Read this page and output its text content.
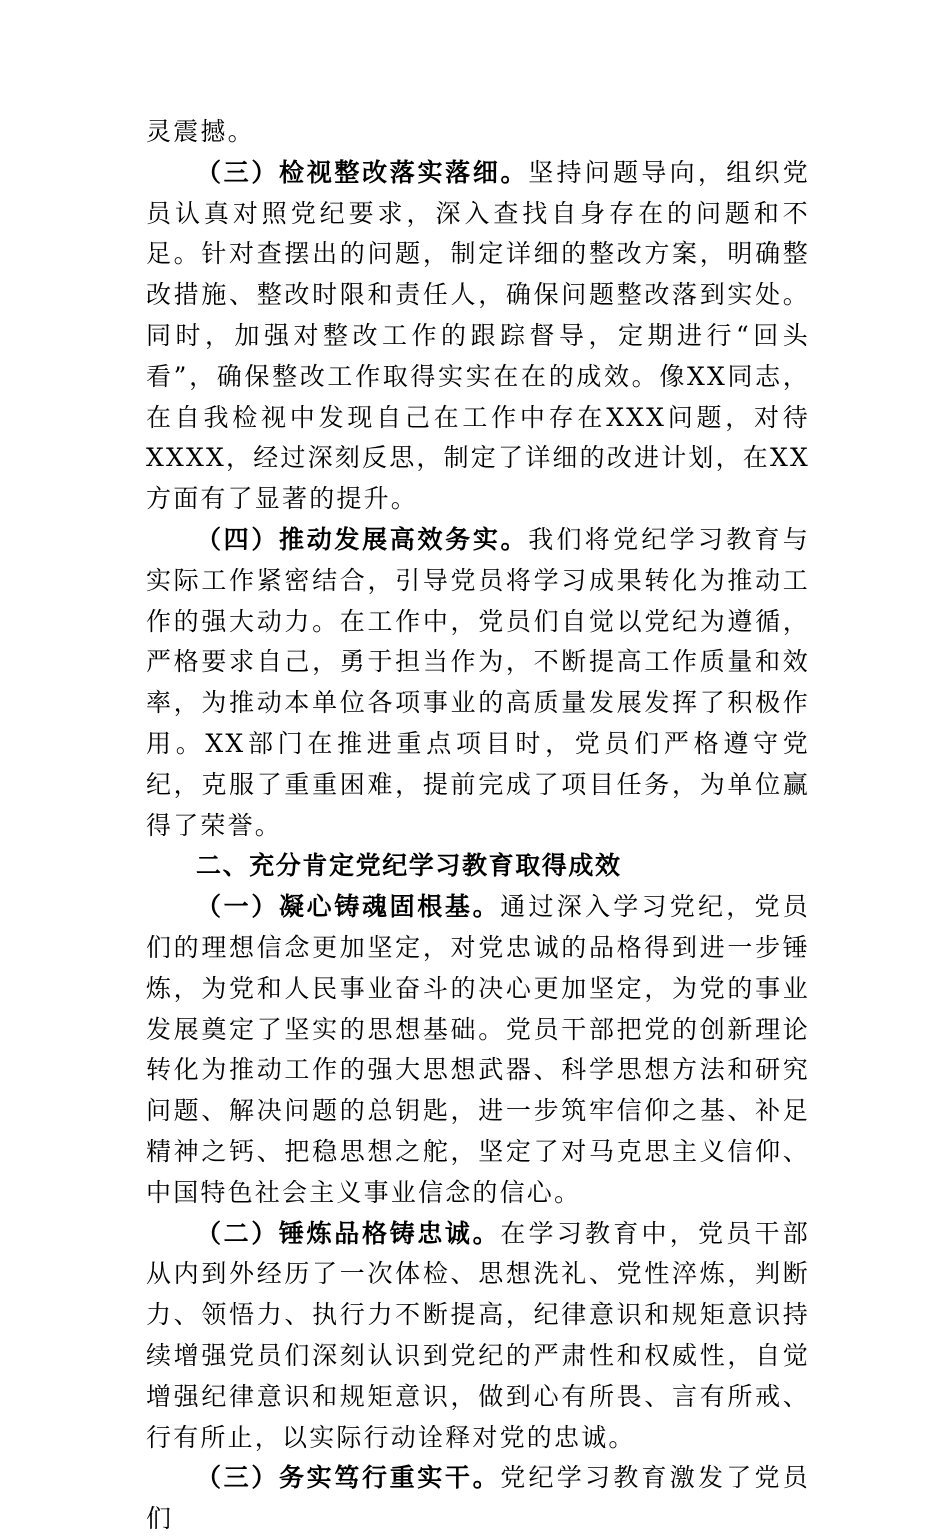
灵震撼。

（三）检视整改落实落细。坚持问题导向，组织党员认真对照党纪要求，深入查找自身存在的问题和不足。针对查摆出的问题，制定详细的整改方案，明确整改措施、整改时限和责任人，确保问题整改落到实处。同时，加强对整改工作的跟踪督导，定期进行“回头看”，确保整改工作取得实实在在的成效。像XX同志，在自我检视中发现自己在工作中存在XXX问题，对待XXXX，经过深刻反思，制定了详细的改进计划，在XX方面有了显著的提升。

（四）推动发展高效务实。我们将党纪学习教育与实际工作紧密结合，引导党员将学习成果转化为推动工作的强大动力。在工作中，党员们自觉以党纪为遵循，严格要求自己，勇于担当作为，不断提高工作质量和效率，为推动本单位各项事业的高质量发展发挥了积极作用。XX部门在推进重点项目时，党员们严格遵守党纪，克服了重重困难，提前完成了项目任务，为单位赢得了荣誉。

二、充分肯定党纪学习教育取得成效

（一）凝心铸魂固根基。通过深入学习党纪，党员们的理想信念更加坚定，对党忠诚的品格得到进一步锤炼，为党和人民事业奋斗的决心更加坚定，为党的事业发展奠定了坚实的思想基础。党员干部把党的创新理论转化为推动工作的强大思想武器、科学思想方法和研究问题、解决问题的总钥匙，进一步筑牢信仰之基、补足精神之钙、把稳思想之舵，坚定了对马克思主义信仰、中国特色社会主义事业信念的信心。

（二）锤炼品格铸忠诚。在学习教育中，党员干部从内到外经历了一次体检、思想洗礼、党性淬炼，判断力、领悟力、执行力不断提高，纪律意识和规矩意识持续增强党员们深刻认识到党纪的严肃性和权威性，自觉增强纪律意识和规矩意识，做到心有所畏、言有所戒、行有所止，以实际行动诠释对党的忠诚。

（三）务实笃行重实干。党纪学习教育激发了党员们
